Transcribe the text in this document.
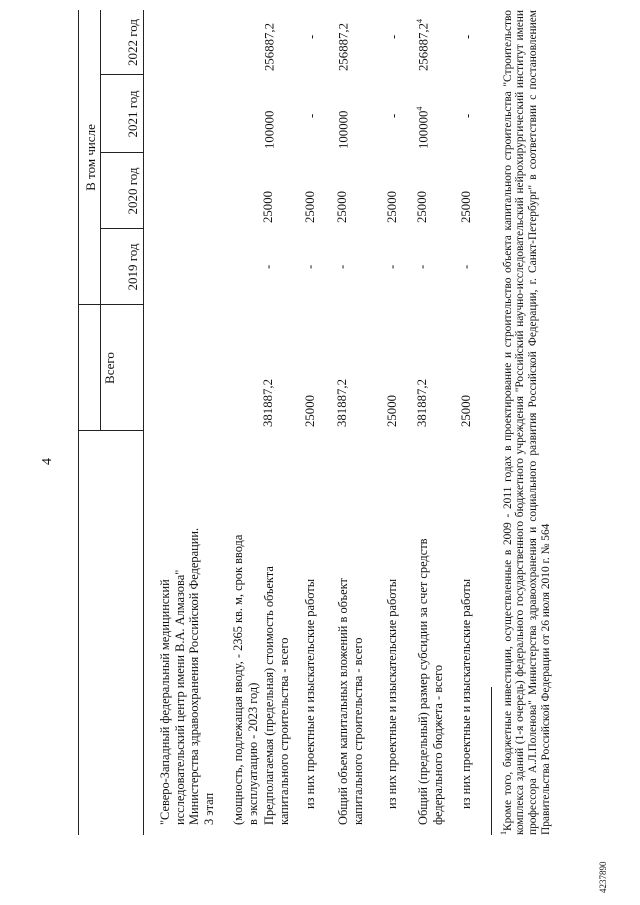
4
Всего
В том числе
2019 год
2020 год
2021 год
2022 год
"Северо-Западный федеральный медицинский исследовательский центр имени В.А. Алмазова" Министерства здравоохранения Российской Федерации. 3 этап (мощность, подлежащая вводу, - 2365 кв. м, срок ввода в эксплуатацию - 2023 год) Предполагаемая (предельная) стоимость объекта капитального строительства - всего
381887,2
-
25000
100000
256887,2
из них проектные и изыскательские работы
25000
-
25000
-
-
Общий объем капитальных вложений в объект капитального строительства - всего
381887,2
-
25000
100000
256887,2
из них проектные и изыскательские работы
25000
-
25000
-
-
Общий (предельный) размер субсидии за счет средств федерального бюджета - всего
381887,2
-
25000
100000$^4$
256887,2$^4$
из них проектные и изыскательские работы
25000
-
25000
-
-
$^1$Кроме того, бюджетные инвестиции, осуществленные в 2009 - 2011 годах в проектирование и строительство объекта капитального строительства "Строительство комплекса зданий (1-я очередь) федерального государственного бюджетного учреждения "Российский научно-исследовательский нейрохирургический институт имени профессора А.Л.Поленова" Министерства здравоохранения и социального развития Российской Федерации, г. Санкт-Петербург" в соответствии с постановлением Правительства Российской Федерации от 26 июля 2010 г. № 564
4237890
